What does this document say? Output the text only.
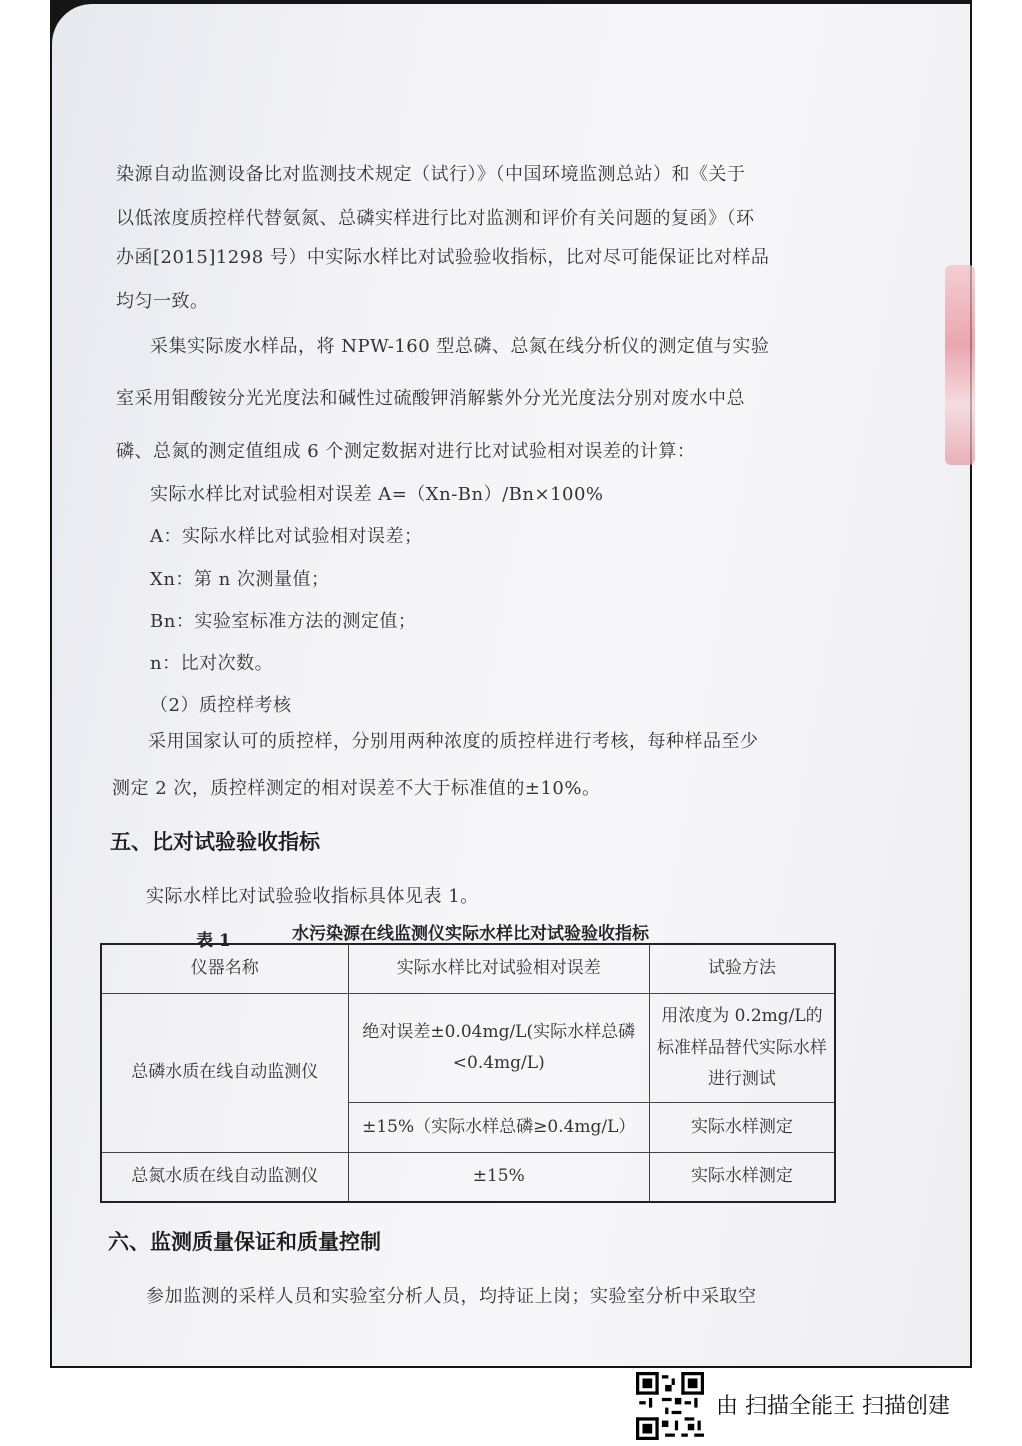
染源自动监测设备比对监测技术规定（试行）》（中国环境监测总站）和《关于
以低浓度质控样代替氨氮、总磷实样进行比对监测和评价有关问题的复函》（环
办函[2015]1298 号）中实际水样比对试验验收指标，比对尽可能保证比对样品
均匀一致。
采集实际废水样品，将 NPW-160 型总磷、总氮在线分析仪的测定值与实验
室采用钼酸铵分光光度法和碱性过硫酸钾消解紫外分光光度法分别对废水中总
磷、总氮的测定值组成 6 个测定数据对进行比对试验相对误差的计算：
实际水样比对试验相对误差 A=（Xn-Bn）/Bn×100%
A：实际水样比对试验相对误差；
Xn：第 n 次测量值；
Bn：实验室标准方法的测定值；
n：比对次数。
（2）质控样考核
采用国家认可的质控样，分别用两种浓度的质控样进行考核，每种样品至少
测定 2 次，质控样测定的相对误差不大于标准值的±10%。
五、比对试验验收指标
实际水样比对试验验收指标具体见表 1。
表 1	水污染源在线监测仪实际水样比对试验验收指标
仪器名称	实际水样比对试验相对误差	试验方法
总磷水质在线自动监测仪	绝对误差±0.04mg/L(实际水样总磷<0.4mg/L)	用浓度为 0.2mg/L的标准样品替代实际水样进行测试
	±15%（实际水样总磷≥0.4mg/L）	实际水样测定
总氮水质在线自动监测仪	±15%	实际水样测定
六、监测质量保证和质量控制
参加监测的采样人员和实验室分析人员，均持证上岗；实验室分析中采取空
由 扫描全能王 扫描创建
